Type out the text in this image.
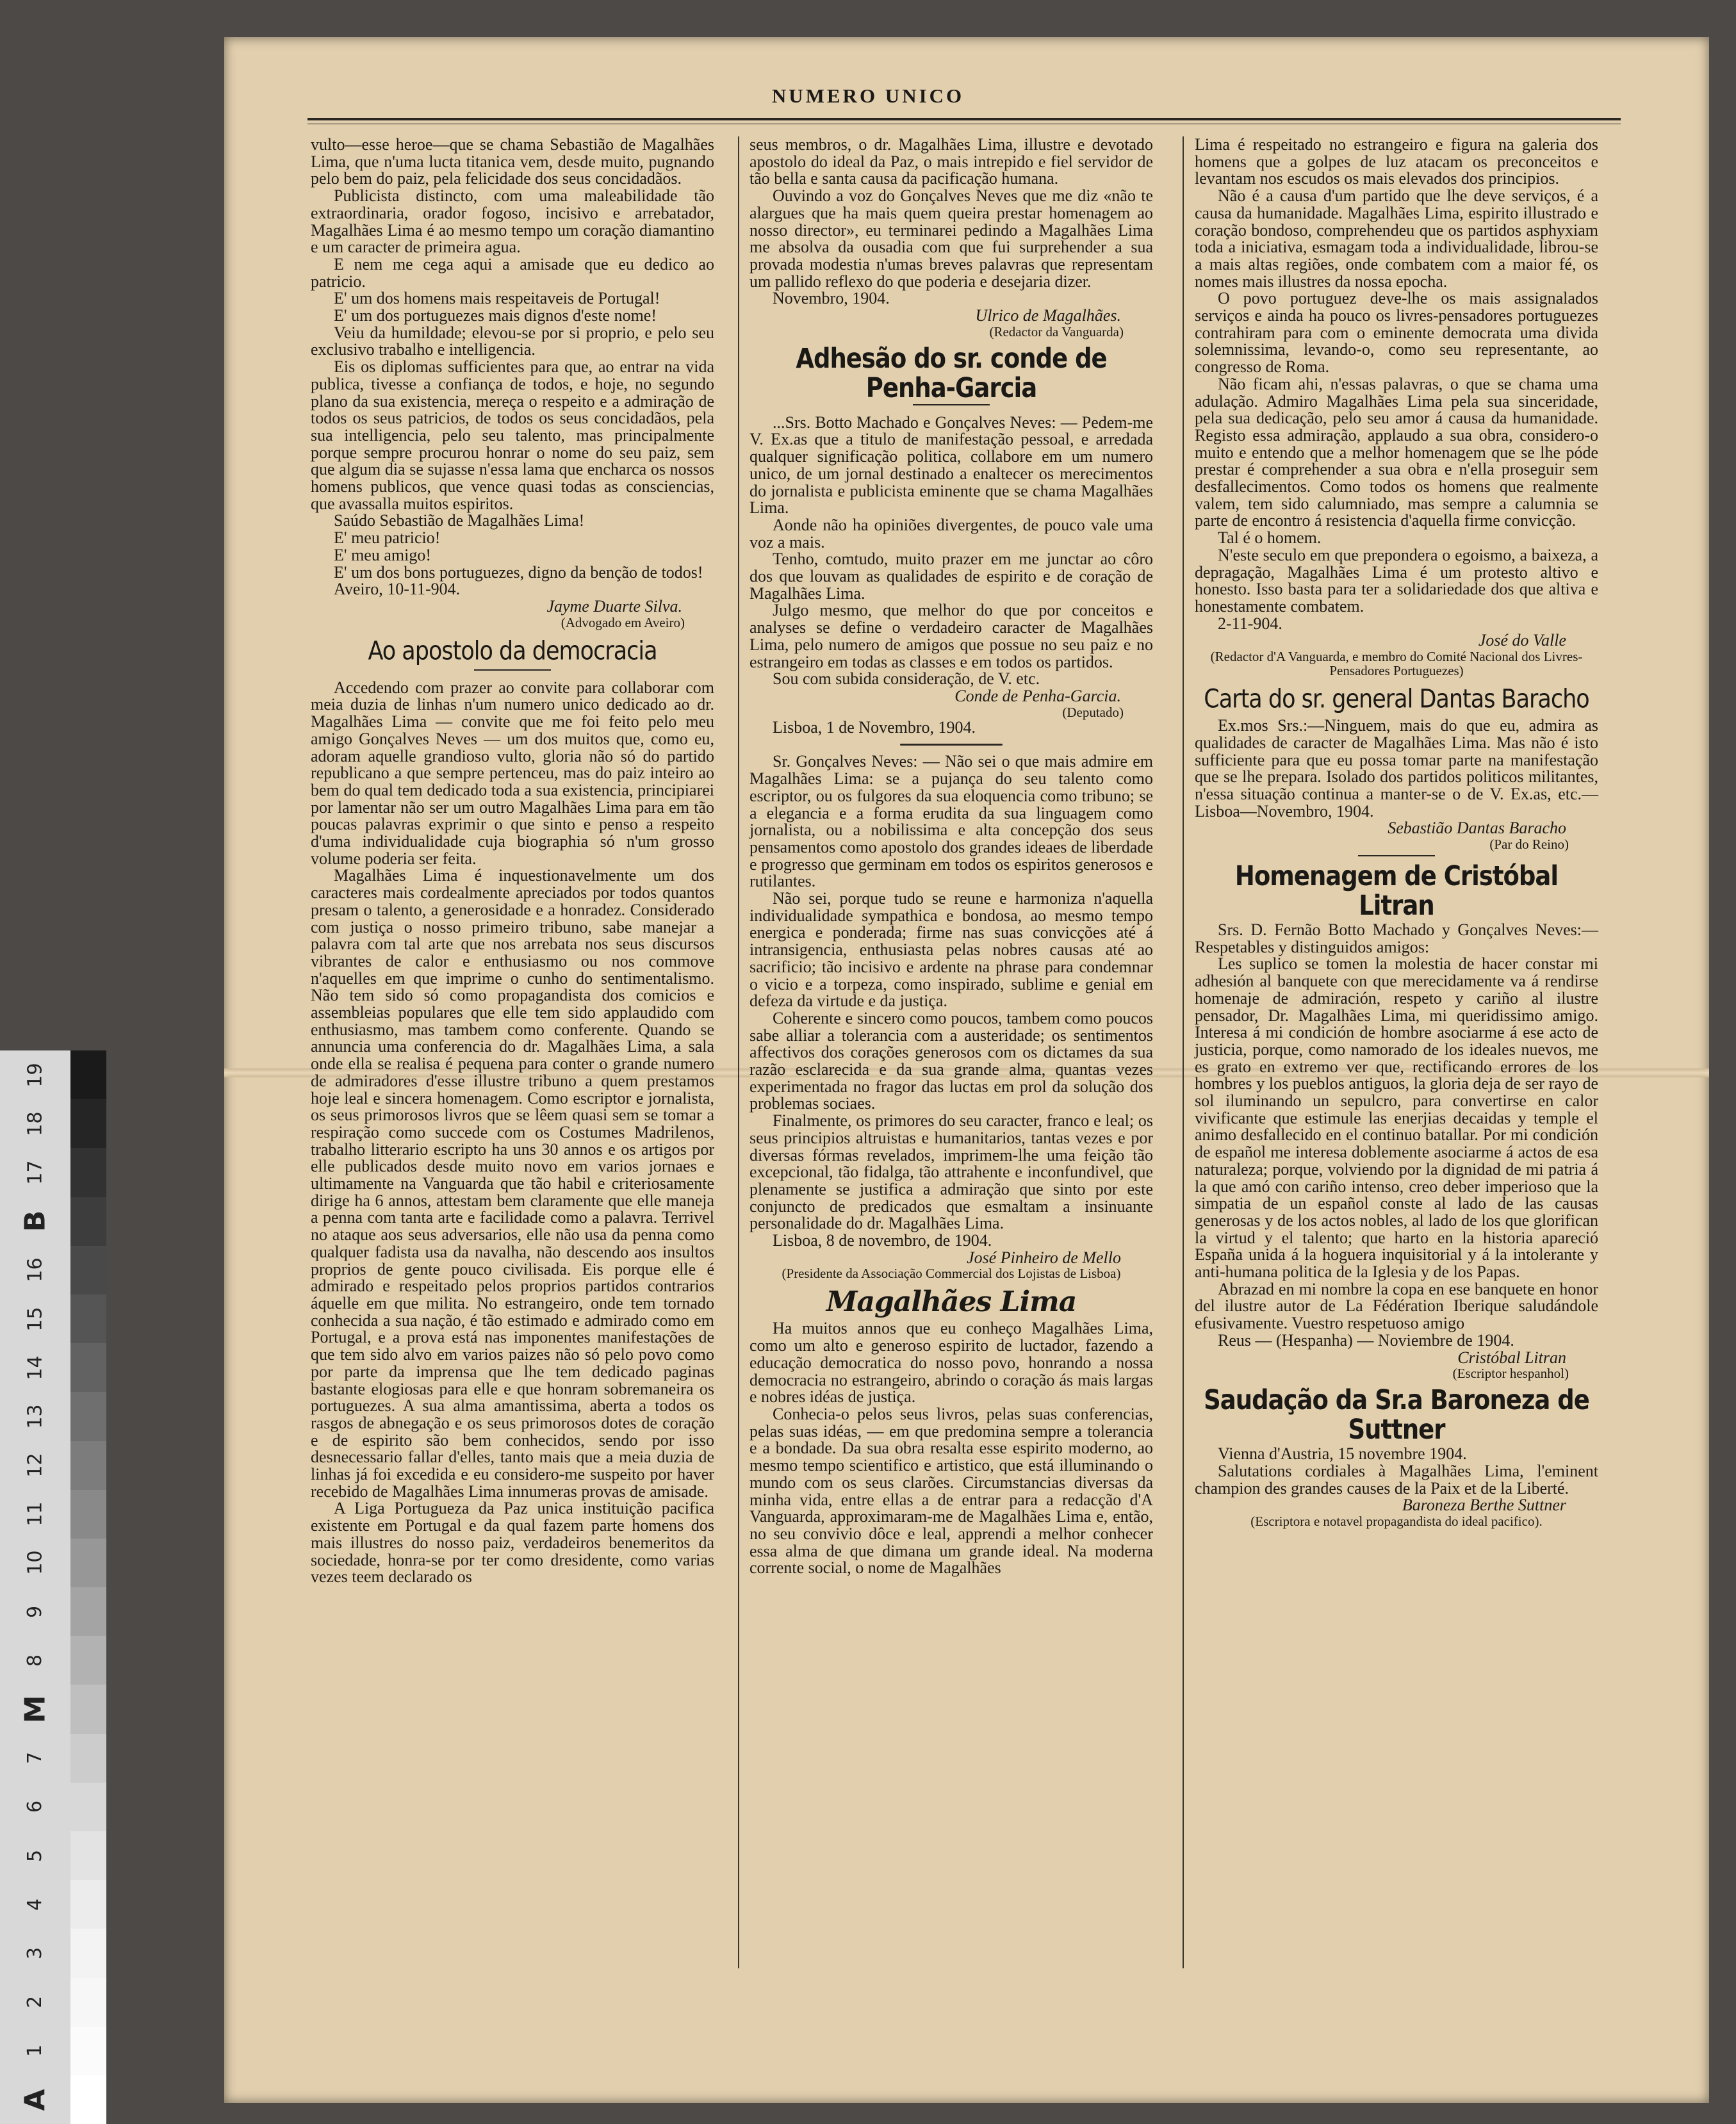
19
18
17
B
16
15
14
13
12
11
10
9
8
M
7
6
5
4
3
2
1
A
NUMERO UNICO

vulto—esse heroe—que se chama Sebastião de Magalhães Lima, que n'uma lucta titanica vem, desde muito, pugnando pelo bem do paiz, pela felicidade dos seus concidadãos.

Publicista distincto, com uma maleabilidade tão extraordinaria, orador fogoso, incisivo e arrebatador, Magalhães Lima é ao mesmo tempo um coração diamantino e um caracter de primeira agua.

E nem me cega aqui a amisade que eu dedico ao patricio.

E' um dos homens mais respeitaveis de Portugal!

E' um dos portuguezes mais dignos d'este nome!

Veiu da humildade; elevou-se por si proprio, e pelo seu exclusivo trabalho e intelligencia.

Eis os diplomas sufficientes para que, ao entrar na vida publica, tivesse a confiança de todos, e hoje, no segundo plano da sua existencia, mereça o respeito e a admiração de todos os seus patricios, de todos os seus concidadãos, pela sua intelligencia, pelo seu talento, mas principalmente porque sempre procurou honrar o nome do seu paiz, sem que algum dia se sujasse n'essa lama que encharca os nossos homens publicos, que vence quasi todas as consciencias, que avassalla muitos espiritos.

Saúdo Sebastião de Magalhães Lima!

E' meu patricio!

E' meu amigo!

E' um dos bons portuguezes, digno da benção de todos!

Aveiro, 10-11-904.

Jayme Duarte Silva.

(Advogado em Aveiro)

Ao apostolo da democracia

Accedendo com prazer ao convite para collaborar com meia duzia de linhas n'um numero unico dedicado ao dr. Magalhães Lima — convite que me foi feito pelo meu amigo Gonçalves Neves — um dos muitos que, como eu, adoram aquelle grandioso vulto, gloria não só do partido republicano a que sempre pertenceu, mas do paiz inteiro ao bem do qual tem dedicado toda a sua existencia, principiarei por lamentar não ser um outro Magalhães Lima para em tão poucas palavras exprimir o que sinto e penso a respeito d'uma individualidade cuja biographia só n'um grosso volume poderia ser feita.

Magalhães Lima é inquestionavelmente um dos caracteres mais cordealmente apreciados por todos quantos presam o talento, a generosidade e a honradez. Considerado com justiça o nosso primeiro tribuno, sabe manejar a palavra com tal arte que nos arrebata nos seus discursos vibrantes de calor e enthusiasmo ou nos commove n'aquelles em que imprime o cunho do sentimentalismo. Não tem sido só como propagandista dos comicios e assembleias populares que elle tem sido applaudido com enthusiasmo, mas tambem como conferente. Quando se annuncia uma conferencia do dr. Magalhães Lima, a sala onde ella se realisa é pequena para conter o grande numero de admiradores d'esse illustre tribuno a quem prestamos hoje leal e sincera homenagem. Como escriptor e jornalista, os seus primorosos livros que se lêem quasi sem se tomar a respiração como succede com os Costumes Madrilenos, trabalho litterario escripto ha uns 30 annos e os artigos por elle publicados desde muito novo em varios jornaes e ultimamente na Vanguarda que tão habil e criteriosamente dirige ha 6 annos, attestam bem claramente que elle maneja a penna com tanta arte e facilidade como a palavra. Terrivel no ataque aos seus adversarios, elle não usa da penna como qualquer fadista usa da navalha, não descendo aos insultos proprios de gente pouco civilisada. Eis porque elle é admirado e respeitado pelos proprios partidos contrarios áquelle em que milita. No estrangeiro, onde tem tornado conhecida a sua nação, é tão estimado e admirado como em Portugal, e a prova está nas imponentes manifestações de que tem sido alvo em varios paizes não só pelo povo como por parte da imprensa que lhe tem dedicado paginas bastante elogiosas para elle e que honram sobremaneira os portuguezes. A sua alma amantissima, aberta a todos os rasgos de abnegação e os seus primorosos dotes de coração e de espirito são bem conhecidos, sendo por isso desnecessario fallar d'elles, tanto mais que a meia duzia de linhas já foi excedida e eu considero-me suspeito por haver recebido de Magalhães Lima innumeras provas de amisade.

A Liga Portugueza da Paz unica instituição pacifica existente em Portugal e da qual fazem parte homens dos mais illustres do nosso paiz, verdadeiros benemeritos da sociedade, honra-se por ter como dresidente, como varias vezes teem declarado os

seus membros, o dr. Magalhães Lima, illustre e devotado apostolo do ideal da Paz, o mais intrepido e fiel servidor de tão bella e santa causa da pacificação humana.

Ouvindo a voz do Gonçalves Neves que me diz «não te alargues que ha mais quem queira prestar homenagem ao nosso director», eu terminarei pedindo a Magalhães Lima me absolva da ousadia com que fui surprehender a sua provada modestia n'umas breves palavras que representam um pallido reflexo do que poderia e desejaria dizer.

Novembro, 1904.

Ulrico de Magalhães.

(Redactor da Vanguarda)

Adhesão do sr. conde de Penha-Garcia

...Srs. Botto Machado e Gonçalves Neves: — Pedem-me V. Ex.as que a titulo de manifestação pessoal, e arredada qualquer significação politica, collabore em um numero unico, de um jornal destinado a enaltecer os merecimentos do jornalista e publicista eminente que se chama Magalhães Lima.

Aonde não ha opiniões divergentes, de pouco vale uma voz a mais.

Tenho, comtudo, muito prazer em me junctar ao côro dos que louvam as qualidades de espirito e de coração de Magalhães Lima.

Julgo mesmo, que melhor do que por conceitos e analyses se define o verdadeiro caracter de Magalhães Lima, pelo numero de amigos que possue no seu paiz e no estrangeiro em todas as classes e em todos os partidos.

Sou com subida consideração, de V. etc.

Conde de Penha-Garcia.

(Deputado)

Lisboa, 1 de Novembro, 1904.

Sr. Gonçalves Neves: — Não sei o que mais admire em Magalhães Lima: se a pujança do seu talento como escriptor, ou os fulgores da sua eloquencia como tribuno; se a elegancia e a forma erudita da sua linguagem como jornalista, ou a nobilissima e alta concepção dos seus pensamentos como apostolo dos grandes ideaes de liberdade e progresso que germinam em todos os espiritos generosos e rutilantes.

Não sei, porque tudo se reune e harmoniza n'aquella individualidade sympathica e bondosa, ao mesmo tempo energica e ponderada; firme nas suas convicções até á intransigencia, enthusiasta pelas nobres causas até ao sacrificio; tão incisivo e ardente na phrase para condemnar o vicio e a torpeza, como inspirado, sublime e genial em defeza da virtude e da justiça.

Coherente e sincero como poucos, tambem como poucos sabe alliar a tolerancia com a austeridade; os sentimentos affectivos dos corações generosos com os dictames da sua razão esclarecida e da sua grande alma, quantas vezes experimentada no fragor das luctas em prol da solução dos problemas sociaes.

Finalmente, os primores do seu caracter, franco e leal; os seus principios altruistas e humanitarios, tantas vezes e por diversas fórmas revelados, imprimem-lhe uma feição tão excepcional, tão fidalga, tão attrahente e inconfundivel, que plenamente se justifica a admiração que sinto por este conjuncto de predicados que esmaltam a insinuante personalidade do dr. Magalhães Lima.

Lisboa, 8 de novembro, de 1904.

José Pinheiro de Mello

(Presidente da Associação Commercial dos Lojistas de Lisboa)

Magalhães Lima

Ha muitos annos que eu conheço Magalhães Lima, como um alto e generoso espirito de luctador, fazendo a educação democratica do nosso povo, honrando a nossa democracia no estrangeiro, abrindo o coração ás mais largas e nobres idéas de justiça.

Conhecia-o pelos seus livros, pelas suas conferencias, pelas suas idéas, — em que predomina sempre a tolerancia e a bondade. Da sua obra resalta esse espirito moderno, ao mesmo tempo scientifico e artistico, que está illuminando o mundo com os seus clarões. Circumstancias diversas da minha vida, entre ellas a de entrar para a redacção d'A Vanguarda, approximaram-me de Magalhães Lima e, então, no seu convivio dôce e leal, apprendi a melhor conhecer essa alma de que dimana um grande ideal. Na moderna corrente social, o nome de Magalhães

Lima é respeitado no estrangeiro e figura na galeria dos homens que a golpes de luz atacam os preconceitos e levantam nos escudos os mais elevados dos principios.

Não é a causa d'um partido que lhe deve serviços, é a causa da humanidade. Magalhães Lima, espirito illustrado e coração bondoso, comprehendeu que os partidos asphyxiam toda a iniciativa, esmagam toda a individualidade, librou-se a mais altas regiões, onde combatem com a maior fé, os nomes mais illustres da nossa epocha.

O povo portuguez deve-lhe os mais assignalados serviços e ainda ha pouco os livres-pensadores portuguezes contrahiram para com o eminente democrata uma divida solemnissima, levando-o, como seu representante, ao congresso de Roma.

Não ficam ahi, n'essas palavras, o que se chama uma adulação. Admiro Magalhães Lima pela sua sinceridade, pela sua dedicação, pelo seu amor á causa da humanidade. Registo essa admiração, applaudo a sua obra, considero-o muito e entendo que a melhor homenagem que se lhe póde prestar é comprehender a sua obra e n'ella proseguir sem desfallecimentos. Como todos os homens que realmente valem, tem sido calumniado, mas sempre a calumnia se parte de encontro á resistencia d'aquella firme convicção.

Tal é o homem.

N'este seculo em que prepondera o egoismo, a baixeza, a depragação, Magalhães Lima é um protesto altivo e honesto. Isso basta para ter a solidariedade dos que altiva e honestamente combatem.

2-11-904.

José do Valle

(Redactor d'A Vanguarda, e membro do Comité Nacional dos Livres-Pensadores Portuguezes)

Carta do sr. general Dantas Baracho

Ex.mos Srs.:—Ninguem, mais do que eu, admira as qualidades de caracter de Magalhães Lima. Mas não é isto sufficiente para que eu possa tomar parte na manifestação que se lhe prepara. Isolado dos partidos politicos militantes, n'essa situação continua a manter-se o de V. Ex.as, etc.—Lisboa—Novembro, 1904.

Sebastião Dantas Baracho

(Par do Reino)

Homenagem de Cristóbal Litran

Srs. D. Fernão Botto Machado y Gonçalves Neves:—Respetables y distinguidos amigos:

Les suplico se tomen la molestia de hacer constar mi adhesión al banquete con que merecidamente va á rendirse homenaje de admiración, respeto y cariño al ilustre pensador, Dr. Magalhães Lima, mi queridissimo amigo. Interesa á mi condición de hombre asociarme á ese acto de justicia, porque, como namorado de los ideales nuevos, me es grato en extremo ver que, rectificando errores de los hombres y los pueblos antiguos, la gloria deja de ser rayo de sol iluminando un sepulcro, para convertirse en calor vivificante que estimule las enerjias decaidas y temple el animo desfallecido en el continuo batallar. Por mi condición de español me interesa doblemente asociarme á actos de esa naturaleza; porque, volviendo por la dignidad de mi patria á la que amó con cariño intenso, creo deber imperioso que la simpatia de un español conste al lado de las causas generosas y de los actos nobles, al lado de los que glorifican la virtud y el talento; que harto en la historia apareció España unida á la hoguera inquisitorial y á la intolerante y anti-humana politica de la Iglesia y de los Papas.

Abrazad en mi nombre la copa en ese banquete en honor del ilustre autor de La Fédération Iberique saludándole efusivamente. Vuestro respetuoso amigo

Reus — (Hespanha) — Noviembre de 1904.

Cristóbal Litran

(Escriptor hespanhol)

Saudação da Sr.a Baroneza de Suttner

Vienna d'Austria, 15 novembre 1904.

Salutations cordiales à Magalhães Lima, l'eminent champion des grandes causes de la Paix et de la Liberté.

Baroneza Berthe Suttner

(Escriptora e notavel propagandista do ideal pacifico).
